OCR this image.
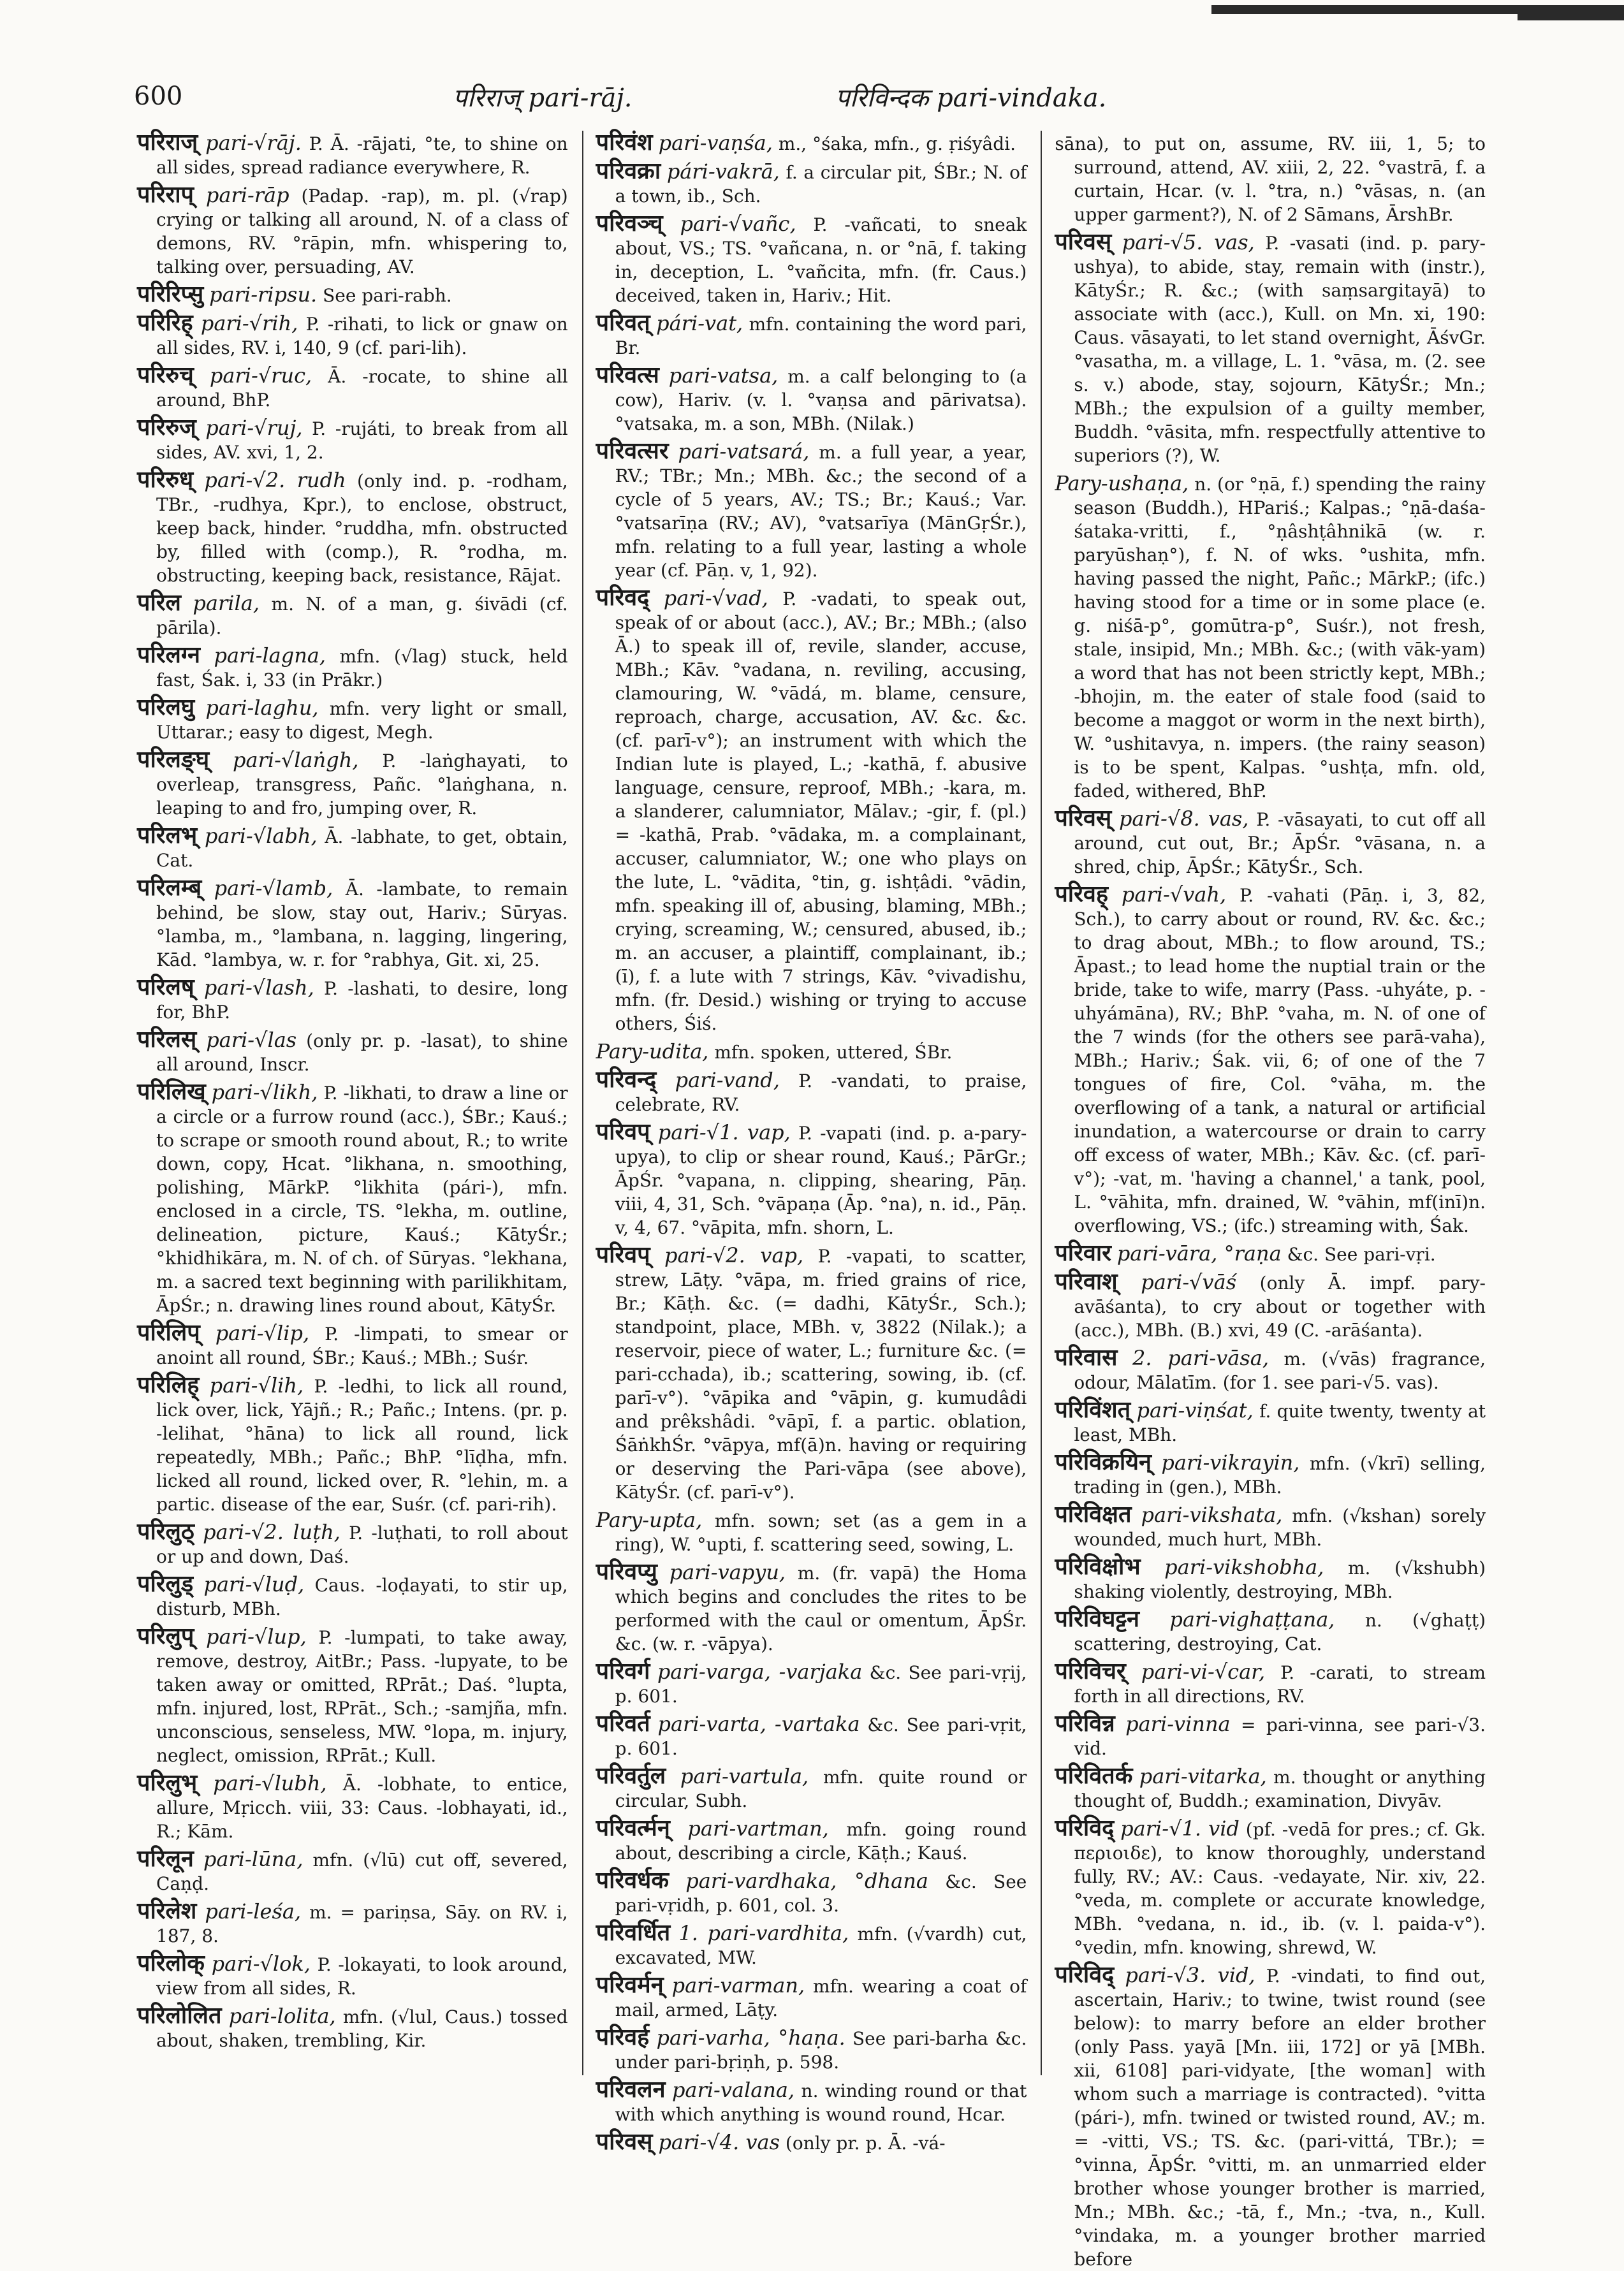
600	परिराज् pari-rāj.	परिविन्दक pari-vindaka.

परिराज् pari-√rāj. P. Ā. -rājati, °te, to shine on all sides, spread radiance everywhere, R.

परिराप् pari-rāp (Padap. -rap), m. pl. (√rap) crying or talking all around, N. of a class of demons, RV. °rāpin, mfn. whispering to, talking over, persuading, AV.

परिरिप्सु pari-ripsu. See pari-rabh.

परिरिह् pari-√rih, P. -rihati, to lick or gnaw on all sides, RV. i, 140, 9 (cf. pari-lih).

परिरुच् pari-√ruc, Ā. -rocate, to shine all around, BhP.

परिरुज् pari-√ruj, P. -rujáti, to break from all sides, AV. xvi, 1, 2.

परिरुध् pari-√2. rudh (only ind. p. -rodham, TBr., -rudhya, Kpr.), to enclose, obstruct, keep back, hinder. °ruddha, mfn. obstructed by, filled with (comp.), R. °rodha, m. obstructing, keeping back, resistance, Rājat.

परिल parila, m. N. of a man, g. śivādi (cf. pārila).

परिलग्न pari-lagna, mfn. (√lag) stuck, held fast, Śak. i, 33 (in Prākr.)

परिलघु pari-laghu, mfn. very light or small, Uttarar.; easy to digest, Megh.

परिलङ्घ् pari-√laṅgh, P. -laṅghayati, to overleap, transgress, Pañc. °laṅghana, n. leaping to and fro, jumping over, R.

परिलभ् pari-√labh, Ā. -labhate, to get, obtain, Cat.

परिलम्ब् pari-√lamb, Ā. -lambate, to remain behind, be slow, stay out, Hariv.; Sūryas. °lamba, m., °lambana, n. lagging, lingering, Kād. °lambya, w. r. for °rabhya, Git. xi, 25.

परिलष् pari-√lash, P. -lashati, to desire, long for, BhP.

परिलस् pari-√las (only pr. p. -lasat), to shine all around, Inscr.

परिलिख् pari-√likh, P. -likhati, to draw a line or a circle or a furrow round (acc.), ŚBr.; Kauś.; to scrape or smooth round about, R.; to write down, copy, Hcat. °likhana, n. smoothing, polishing, MārkP. °likhita (pári-), mfn. enclosed in a circle, TS. °lekha, m. outline, delineation, picture, Kauś.; KātyŚr.; °khidhikāra, m. N. of ch. of Sūryas. °lekhana, m. a sacred text beginning with parilikhitam, ĀpŚr.; n. drawing lines round about, KātyŚr.

परिलिप् pari-√lip, P. -limpati, to smear or anoint all round, ŚBr.; Kauś.; MBh.; Suśr.

परिलिह् pari-√lih, P. -ledhi, to lick all round, lick over, lick, Yājñ.; R.; Pañc.; Intens. (pr. p. -lelihat, °hāna) to lick all round, lick repeatedly, MBh.; Pañc.; BhP. °līḍha, mfn. licked all round, licked over, R. °lehin, m. a partic. disease of the ear, Suśr. (cf. pari-rih).

परिलुठ् pari-√2. luṭh, P. -luṭhati, to roll about or up and down, Daś.

परिलुड् pari-√luḍ, Caus. -loḍayati, to stir up, disturb, MBh.

परिलुप् pari-√lup, P. -lumpati, to take away, remove, destroy, AitBr.; Pass. -lupyate, to be taken away or omitted, RPrāt.; Daś. °lupta, mfn. injured, lost, RPrāt., Sch.; -samjña, mfn. unconscious, senseless, MW. °lopa, m. injury, neglect, omission, RPrāt.; Kull.

परिलुभ् pari-√lubh, Ā. -lobhate, to entice, allure, Mṛicch. viii, 33: Caus. -lobhayati, id., R.; Kām.

परिलून pari-lūna, mfn. (√lū) cut off, severed, Caṇḍ.

परिलेश pari-leśa, m. = pariṇsa, Sāy. on RV. i, 187, 8.

परिलोक् pari-√lok, P. -lokayati, to look around, view from all sides, R.

परिलोलित pari-lolita, mfn. (√lul, Caus.) tossed about, shaken, trembling, Kir.

परिवंश pari-vaṇśa, m., °śaka, mfn., g. ṛiśyâdi.

परिवक्रा pári-vakrā, f. a circular pit, ŚBr.; N. of a town, ib., Sch.

परिवञ्च् pari-√vañc, P. -vañcati, to sneak about, VS.; TS. °vañcana, n. or °nā, f. taking in, deception, L. °vañcita, mfn. (fr. Caus.) deceived, taken in, Hariv.; Hit.

परिवत् pári-vat, mfn. containing the word pari, Br.

परिवत्स pari-vatsa, m. a calf belonging to (a cow), Hariv. (v. l. °vaṇsa and pārivatsa). °vatsaka, m. a son, MBh. (Nilak.)

परिवत्सर pari-vatsará, m. a full year, a year, RV.; TBr.; Mn.; MBh. &c.; the second of a cycle of 5 years, AV.; TS.; Br.; Kauś.; Var. °vatsarīṇa (RV.; AV), °vatsarīya (MānGṛŚr.), mfn. relating to a full year, lasting a whole year (cf. Pāṇ. v, 1, 92).

परिवद् pari-√vad, P. -vadati, to speak out, speak of or about (acc.), AV.; Br.; MBh.; (also Ā.) to speak ill of, revile, slander, accuse, MBh.; Kāv. °vadana, n. reviling, accusing, clamouring, W. °vādá, m. blame, censure, reproach, charge, accusation, AV. &c. &c. (cf. parī-v°); an instrument with which the Indian lute is played, L.; -kathā, f. abusive language, censure, reproof, MBh.; -kara, m. a slanderer, calumniator, Mālav.; -gir, f. (pl.) = -kathā, Prab. °vādaka, m. a complainant, accuser, calumniator, W.; one who plays on the lute, L. °vādita, °tin, g. ishṭâdi. °vādin, mfn. speaking ill of, abusing, blaming, MBh.; crying, screaming, W.; censured, abused, ib.; m. an accuser, a plaintiff, complainant, ib.; (ī), f. a lute with 7 strings, Kāv. °vivadishu, mfn. (fr. Desid.) wishing or trying to accuse others, Śiś.

Pary-udita, mfn. spoken, uttered, ŚBr.

परिवन्द् pari-vand, P. -vandati, to praise, celebrate, RV.

परिवप् pari-√1. vap, P. -vapati (ind. p. a-pary-upya), to clip or shear round, Kauś.; PārGr.; ĀpŚr. °vapana, n. clipping, shearing, Pāṇ. viii, 4, 31, Sch. °vāpaṇa (Āp. °na), n. id., Pāṇ. v, 4, 67. °vāpita, mfn. shorn, L.

परिवप् pari-√2. vap, P. -vapati, to scatter, strew, Lāṭy. °vāpa, m. fried grains of rice, Br.; Kāṭh. &c. (= dadhi, KātyŚr., Sch.); standpoint, place, MBh. v, 3822 (Nilak.); a reservoir, piece of water, L.; furniture &c. (= pari-cchada), ib.; scattering, sowing, ib. (cf. parī-v°). °vāpika and °vāpin, g. kumudâdi and prêkshâdi. °vāpī, f. a partic. oblation, ŚāṅkhŚr. °vāpya, mf(ā)n. having or requiring or deserving the Pari-vāpa (see above), KātyŚr. (cf. parī-v°).

Pary-upta, mfn. sown; set (as a gem in a ring), W. °upti, f. scattering seed, sowing, L.

परिवप्यु pari-vapyu, m. (fr. vapā) the Homa which begins and concludes the rites to be performed with the caul or omentum, ĀpŚr. &c. (w. r. -vāpya).

परिवर्ग pari-varga, -varjaka &c. See pari-vṛij, p. 601.

परिवर्त pari-varta, -vartaka &c. See pari-vṛit, p. 601.

परिवर्तुल pari-vartula, mfn. quite round or circular, Subh.

परिवर्त्मन् pari-vartman, mfn. going round about, describing a circle, Kāṭh.; Kauś.

परिवर्धक pari-vardhaka, °dhana &c. See pari-vṛidh, p. 601, col. 3.

परिवर्धित 1. pari-vardhita, mfn. (√vardh) cut, excavated, MW.

परिवर्मन् pari-varman, mfn. wearing a coat of mail, armed, Lāṭy.

परिवर्ह pari-varha, °haṇa. See pari-barha &c. under pari-bṛiṇh, p. 598.

परिवलन pari-valana, n. winding round or that with which anything is wound round, Hcar.

परिवस् pari-√4. vas (only pr. p. Ā. -vá-

sāna), to put on, assume, RV. iii, 1, 5; to surround, attend, AV. xiii, 2, 22. °vastrā, f. a curtain, Hcar. (v. l. °tra, n.) °vāsas, n. (an upper garment?), N. of 2 Sāmans, ĀrshBr.

परिवस् pari-√5. vas, P. -vasati (ind. p. pary-ushya), to abide, stay, remain with (instr.), KātyŚr.; R. &c.; (with saṃsargitayā) to associate with (acc.), Kull. on Mn. xi, 190: Caus. vāsayati, to let stand overnight, ĀśvGr. °vasatha, m. a village, L. 1. °vāsa, m. (2. see s. v.) abode, stay, sojourn, KātyŚr.; Mn.; MBh.; the expulsion of a guilty member, Buddh. °vāsita, mfn. respectfully attentive to superiors (?), W.

Pary-ushaṇa, n. (or °ṇā, f.) spending the rainy season (Buddh.), HPariś.; Kalpas.; °ṇā-daśa-śataka-vritti, f., °ṇâshṭâhnikā (w. r. paryūshaṇ°), f. N. of wks. °ushita, mfn. having passed the night, Pañc.; MārkP.; (ifc.) having stood for a time or in some place (e. g. niśā-p°, gomūtra-p°, Suśr.), not fresh, stale, insipid, Mn.; MBh. &c.; (with vāk-yam) a word that has not been strictly kept, MBh.; -bhojin, m. the eater of stale food (said to become a maggot or worm in the next birth), W. °ushitavya, n. impers. (the rainy season) is to be spent, Kalpas. °ushṭa, mfn. old, faded, withered, BhP.

परिवस् pari-√8. vas, P. -vāsayati, to cut off all around, cut out, Br.; ĀpŚr. °vāsana, n. a shred, chip, ĀpŚr.; KātyŚr., Sch.

परिवह् pari-√vah, P. -vahati (Pāṇ. i, 3, 82, Sch.), to carry about or round, RV. &c. &c.; to drag about, MBh.; to flow around, TS.; Āpast.; to lead home the nuptial train or the bride, take to wife, marry (Pass. -uhyáte, p. -uhyámāna), RV.; BhP. °vaha, m. N. of one of the 7 winds (for the others see parā-vaha), MBh.; Hariv.; Śak. vii, 6; of one of the 7 tongues of fire, Col. °vāha, m. the overflowing of a tank, a natural or artificial inundation, a watercourse or drain to carry off excess of water, MBh.; Kāv. &c. (cf. parī-v°); -vat, m. 'having a channel,' a tank, pool, L. °vāhita, mfn. drained, W. °vāhin, mf(inī)n. overflowing, VS.; (ifc.) streaming with, Śak.

परिवार pari-vāra, °raṇa &c. See pari-vṛi.

परिवाश् pari-√vāś (only Ā. impf. pary-avāśanta), to cry about or together with (acc.), MBh. (B.) xvi, 49 (C. -arāśanta).

परिवास 2. pari-vāsa, m. (√vās) fragrance, odour, Mālatīm. (for 1. see pari-√5. vas).

परिविंशत् pari-viṇśat, f. quite twenty, twenty at least, MBh.

परिविक्रयिन् pari-vikrayin, mfn. (√krī) selling, trading in (gen.), MBh.

परिविक्षत pari-vikshata, mfn. (√kshan) sorely wounded, much hurt, MBh.

परिविक्षोभ pari-vikshobha, m. (√kshubh) shaking violently, destroying, MBh.

परिविघट्टन pari-vighaṭṭana, n. (√ghaṭṭ) scattering, destroying, Cat.

परिविचर् pari-vi-√car, P. -carati, to stream forth in all directions, RV.

परिविन्न pari-vinna = pari-vinna, see pari-√3. vid.

परिवितर्क pari-vitarka, m. thought or anything thought of, Buddh.; examination, Divyāv.

परिविद् pari-√1. vid (pf. -vedā for pres.; cf. Gk. περιοιδε), to know thoroughly, understand fully, RV.; AV.: Caus. -vedayate, Nir. xiv, 22. °veda, m. complete or accurate knowledge, MBh. °vedana, n. id., ib. (v. l. paida-v°). °vedin, mfn. knowing, shrewd, W.

परिविद् pari-√3. vid, P. -vindati, to find out, ascertain, Hariv.; to twine, twist round (see below): to marry before an elder brother (only Pass. yayā [Mn. iii, 172] or yā [MBh. xii, 6108] pari-vidyate, [the woman] with whom such a marriage is contracted). °vitta (pári-), mfn. twined or twisted round, AV.; m. = -vitti, VS.; TS. &c. (pari-vittá, TBr.); = °vinna, ĀpŚr. °vitti, m. an unmarried elder brother whose younger brother is married, Mn.; MBh. &c.; -tā, f., Mn.; -tva, n., Kull. °vindaka, m. a younger brother married before
